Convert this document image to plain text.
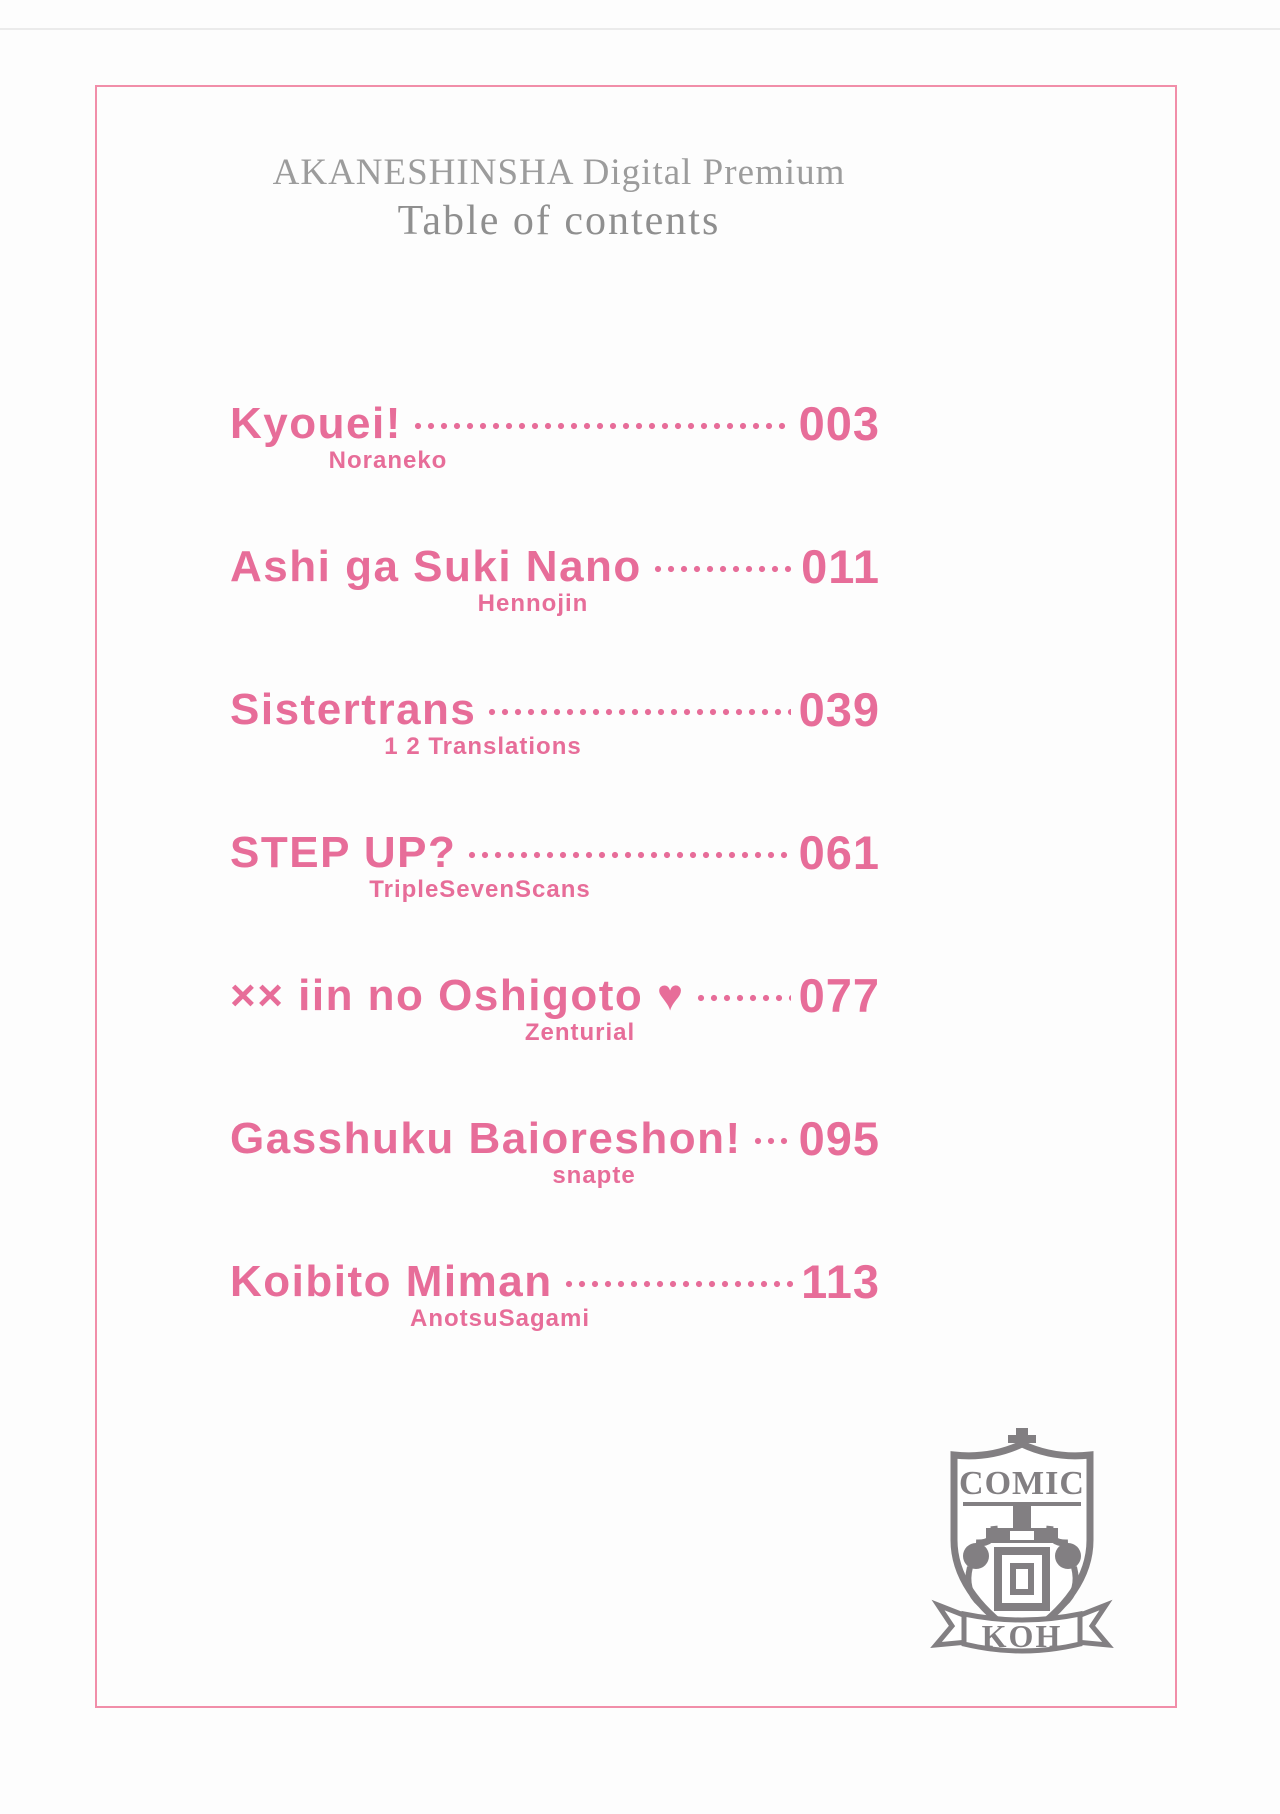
AKANESHINSHA Digital Premium
Table of contents
Kyouei!	003
Noraneko
Ashi ga Suki Nano	011
Hennojin
Sistertrans	039
1 2 Translations
STEP UP?	061
TripleSevenScans
×× iin no Oshigoto ♥ 077
Zenturial
Gasshuku Baioreshon! 095
snapte
Koibito Miman	113
AnotsuSagami
COMIC
KOH
